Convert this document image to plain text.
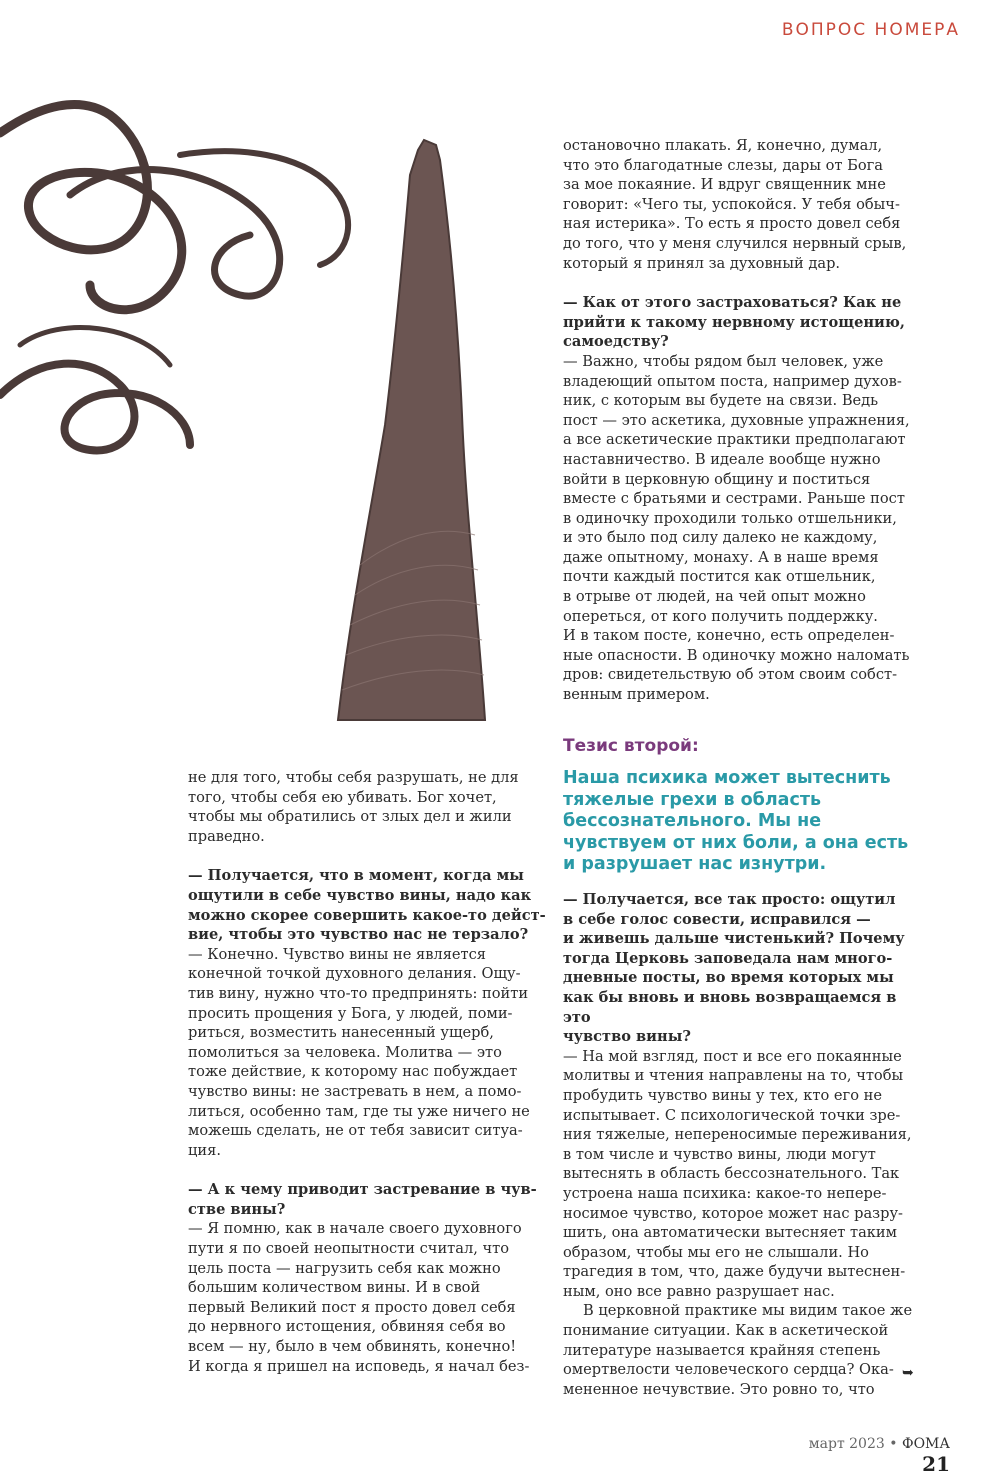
ВОПРОС НОМЕРА

остановочно плакать. Я, конечно, думал,
что это благодатные слезы, дары от Бога
за мое покаяние. И вдруг священник мне
говорит: «Чего ты, успокойся. У тебя обыч-
ная истерика». То есть я просто довел себя
до того, что у меня случился нервный срыв,
который я принял за духовный дар.

— Как от этого застраховаться? Как не
прийти к такому нервному истощению,
самоедству?

— Важно, чтобы рядом был человек, уже
владеющий опытом поста, например духов-
ник, с которым вы будете на связи. Ведь
пост — это аскетика, духовные упражнения,
а все аскетические практики предполагают
наставничество. В идеале вообще нужно
войти в церковную общину и поститься
вместе с братьями и сестрами. Раньше пост
в одиночку проходили только отшельники,
и это было под силу далеко не каждому,
даже опытному, монаху. А в наше время
почти каждый постится как отшельник,
в отрыве от людей, на чей опыт можно
опереться, от кого получить поддержку.
И в таком посте, конечно, есть определен-
ные опасности. В одиночку можно наломать
дров: свидетельствую об этом своим собст-
венным примером.

Тезис второй:
Наша психика может вытеснить
тяжелые грехи в область
бессознательного. Мы не
чувствуем от них боли, а она есть
и разрушает нас изнутри.

не для того, чтобы себя разрушать, не для
того, чтобы себя ею убивать. Бог хочет,
чтобы мы обратились от злых дел и жили
праведно.

— Получается, что в момент, когда мы
ощутили в себе чувство вины, надо как
можно скорее совершить какое-то дейст-
вие, чтобы это чувство нас не терзало?

— Конечно. Чувство вины не является
конечной точкой духовного делания. Ощу-
тив вину, нужно что-то предпринять: пойти
просить прощения у Бога, у людей, поми-
риться, возместить нанесенный ущерб,
помолиться за человека. Молитва — это
тоже действие, к которому нас побуждает
чувство вины: не застревать в нем, а помо-
литься, особенно там, где ты уже ничего не
можешь сделать, не от тебя зависит ситуа-
ция.

— А к чему приводит застревание в чув-
стве вины?

— Я помню, как в начале своего духовного
пути я по своей неопытности считал, что
цель поста — нагрузить себя как можно
большим количеством вины. И в свой
первый Великий пост я просто довел себя
до нервного истощения, обвиняя себя во
всем — ну, было в чем обвинять, конечно!
И когда я пришел на исповедь, я начал без-

— Получается, все так просто: ощутил
в себе голос совести, исправился —
и живешь дальше чистенький? Почему
тогда Церковь заповедала нам много-
дневные посты, во время которых мы
как бы вновь и вновь возвращаемся в это
чувство вины?

— На мой взгляд, пост и все его покаянные
молитвы и чтения направлены на то, чтобы
пробудить чувство вины у тех, кто его не
испытывает. С психологической точки зре-
ния тяжелые, непереносимые переживания,
в том числе и чувство вины, люди могут
вытеснять в область бессознательного. Так
устроена наша психика: какое-то непере-
носимое чувство, которое может нас разру-
шить, она автоматически вытесняет таким
образом, чтобы мы его не слышали. Но
трагедия в том, что, даже будучи вытеснен-
ным, оно все равно разрушает нас.

В церковной практике мы видим такое же
понимание ситуации. Как в аскетической
литературе называется крайняя степень
омертвелости человеческого сердца? Ока-
мененное нечувствие. Это ровно то, что

➥
март 2023 • ФОМА 21
